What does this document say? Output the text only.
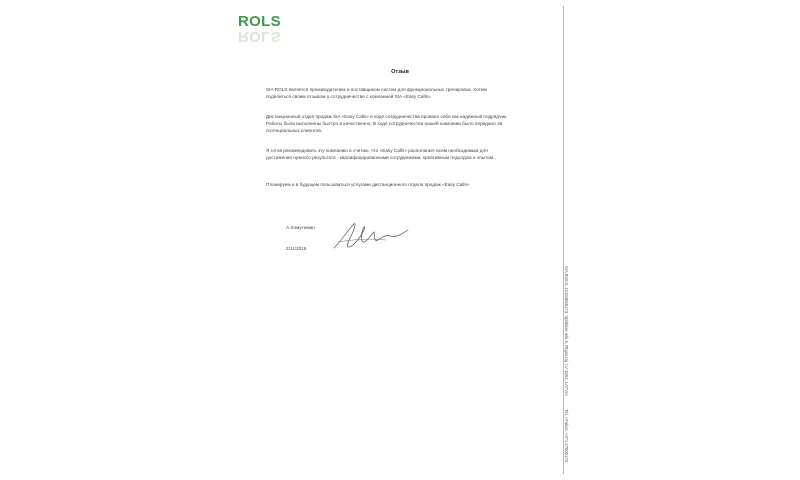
ROLS
ROLS
Отзыв
SIA ROLS является производителем и поставщиком систем для функциональных тренировок. Хотим
поделиться своим отзывом о сотрудничестве с компанией SIA «Easy Calls».
Дистанционный отдел продаж SIA «Easy Calls» в ходе сотрудничества проявил себя как надежный подрядчик.
Работы были выполнены быстро и качественно. В ходе сотрудничества нашей компании было передано 35
потенциальных клиентов.
Я готов рекомендовать эту компанию и считаю, что «Easy Calls» располагает всем необходимым для
достижения нужного результата - квалифицированными сотрудниками, креативным подходом и опытом.
Планируем и в будущем пользоваться услугами дистанционного отдела продаж «Easy Calls»
А.Хомутемин
2/11/2016
SIA ROLS, 44103065173, Spīdolas iela 6, Rīgas raj. LV-1062, LATVIA
Tel. / Fakss: +371 67000173
